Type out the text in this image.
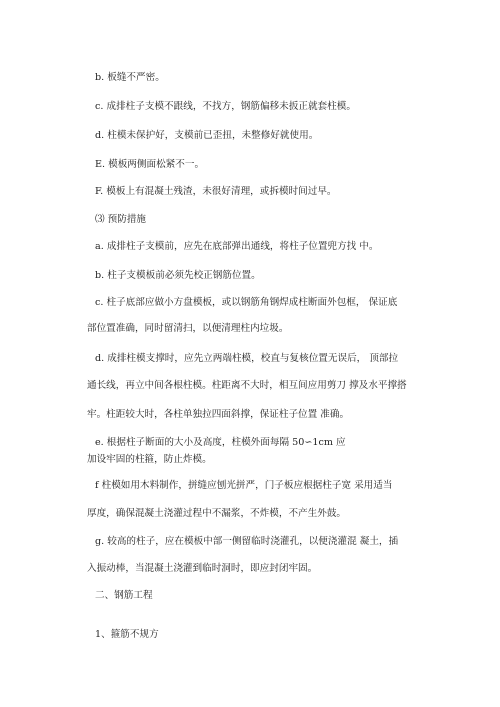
b. 板缝不严密。
c. 成排柱子支模不跟线，不找方，钢筋偏移未扳正就套柱模。
d. 柱模未保护好，支模前已歪扭，未整修好就使用。
E. 模板两侧面松紧不一。
F. 模板上有混凝土残渣，未很好清理，或拆模时间过早。
⑶ 预防措施
a. 成排柱子支模前，应先在底部弹出通线，将柱子位置兜方找 中。
b. 柱子支模板前必须先校正钢筋位置。
c. 柱子底部应做小方盘模板，或以钢筋角钢焊成柱断面外包框， 保证底
部位置准确，同时留清扫，以便清理柱内垃圾。
d. 成排柱模支撑时，应先立两端柱模，校直与复核位置无误后， 顶部拉
通长线，再立中间各根柱模。柱距离不大时，相互间应用剪刀 撑及水平撑搭
牢。柱距较大时，各柱单独拉四面斜撑，保证柱子位置 准确。
e. 根据柱子断面的大小及高度，柱模外面每隔 50∽1cm 应
加设牢固的柱箍，防止炸模。
f 柱模如用木料制作，拼缝应刨光拼严，门子板应根据柱子宽 采用适当
厚度，确保混凝土浇灌过程中不漏浆，不炸模，不产生外鼓。
g. 较高的柱子，应在模板中部一侧留临时浇灌孔，以便浇灌混 凝土，插
入振动棒，当混凝土浇灌到临时洞时，即应封闭牢固。
二、钢筋工程
1、箍筋不规方
